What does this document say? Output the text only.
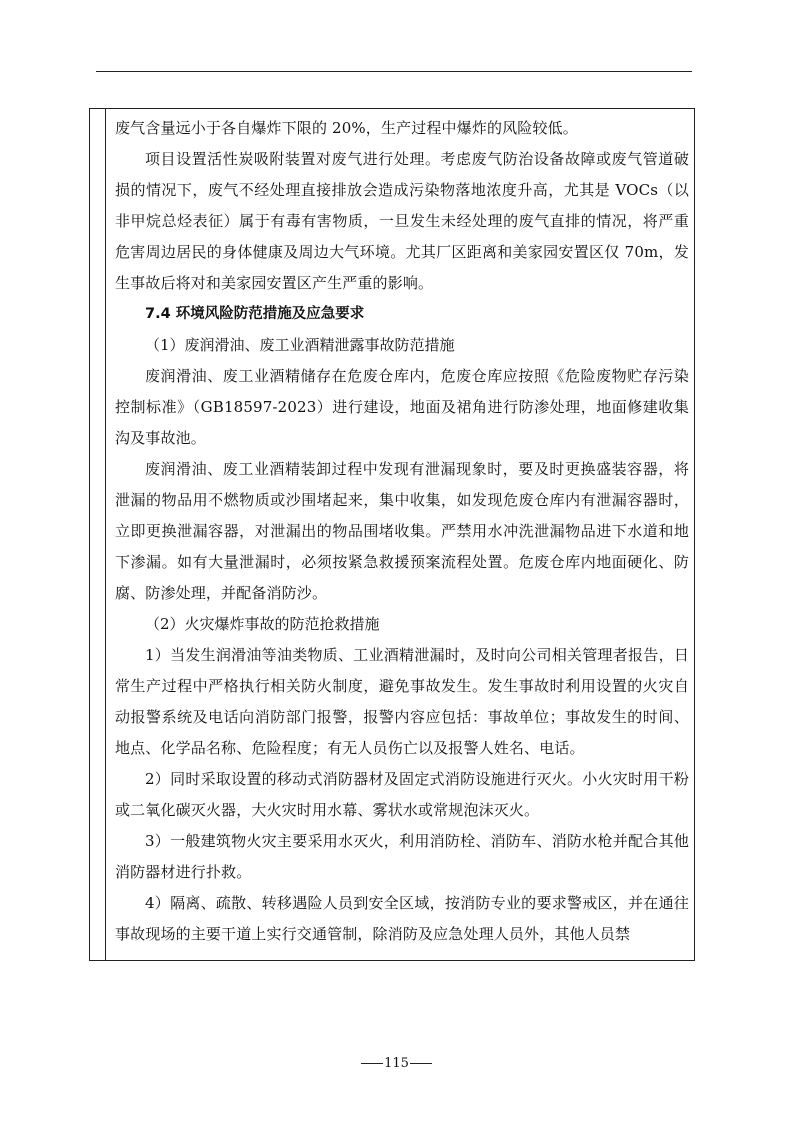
废气含量远小于各自爆炸下限的 20%，生产过程中爆炸的风险较低。

项目设置活性炭吸附装置对废气进行处理。考虑废气防治设备故障或废气管道破损的情况下，废气不经处理直接排放会造成污染物落地浓度升高，尤其是 VOCs（以非甲烷总烃表征）属于有毒有害物质，一旦发生未经处理的废气直排的情况，将严重危害周边居民的身体健康及周边大气环境。尤其厂区距离和美家园安置区仅 70m，发生事故后将对和美家园安置区产生严重的影响。

7.4 环境风险防范措施及应急要求

（1）废润滑油、废工业酒精泄露事故防范措施

废润滑油、废工业酒精储存在危废仓库内，危废仓库应按照《危险废物贮存污染控制标准》（GB18597-2023）进行建设，地面及裙角进行防渗处理，地面修建收集沟及事故池。

废润滑油、废工业酒精装卸过程中发现有泄漏现象时，要及时更换盛装容器，将泄漏的物品用不燃物质或沙围堵起来，集中收集，如发现危废仓库内有泄漏容器时，立即更换泄漏容器，对泄漏出的物品围堵收集。严禁用水冲洗泄漏物品进下水道和地下渗漏。如有大量泄漏时，必须按紧急救援预案流程处置。危废仓库内地面硬化、防腐、防渗处理，并配备消防沙。

（2）火灾爆炸事故的防范抢救措施

1）当发生润滑油等油类物质、工业酒精泄漏时，及时向公司相关管理者报告，日常生产过程中严格执行相关防火制度，避免事故发生。发生事故时利用设置的火灾自动报警系统及电话向消防部门报警，报警内容应包括：事故单位；事故发生的时间、地点、化学品名称、危险程度；有无人员伤亡以及报警人姓名、电话。

2）同时采取设置的移动式消防器材及固定式消防设施进行灭火。小火灾时用干粉或二氧化碳灭火器，大火灾时用水幕、雾状水或常规泡沫灭火。

3）一般建筑物火灾主要采用水灭火，利用消防栓、消防车、消防水枪并配合其他消防器材进行扑救。

4）隔离、疏散、转移遇险人员到安全区域，按消防专业的要求警戒区，并在通往事故现场的主要干道上实行交通管制，除消防及应急处理人员外，其他人员禁

115
